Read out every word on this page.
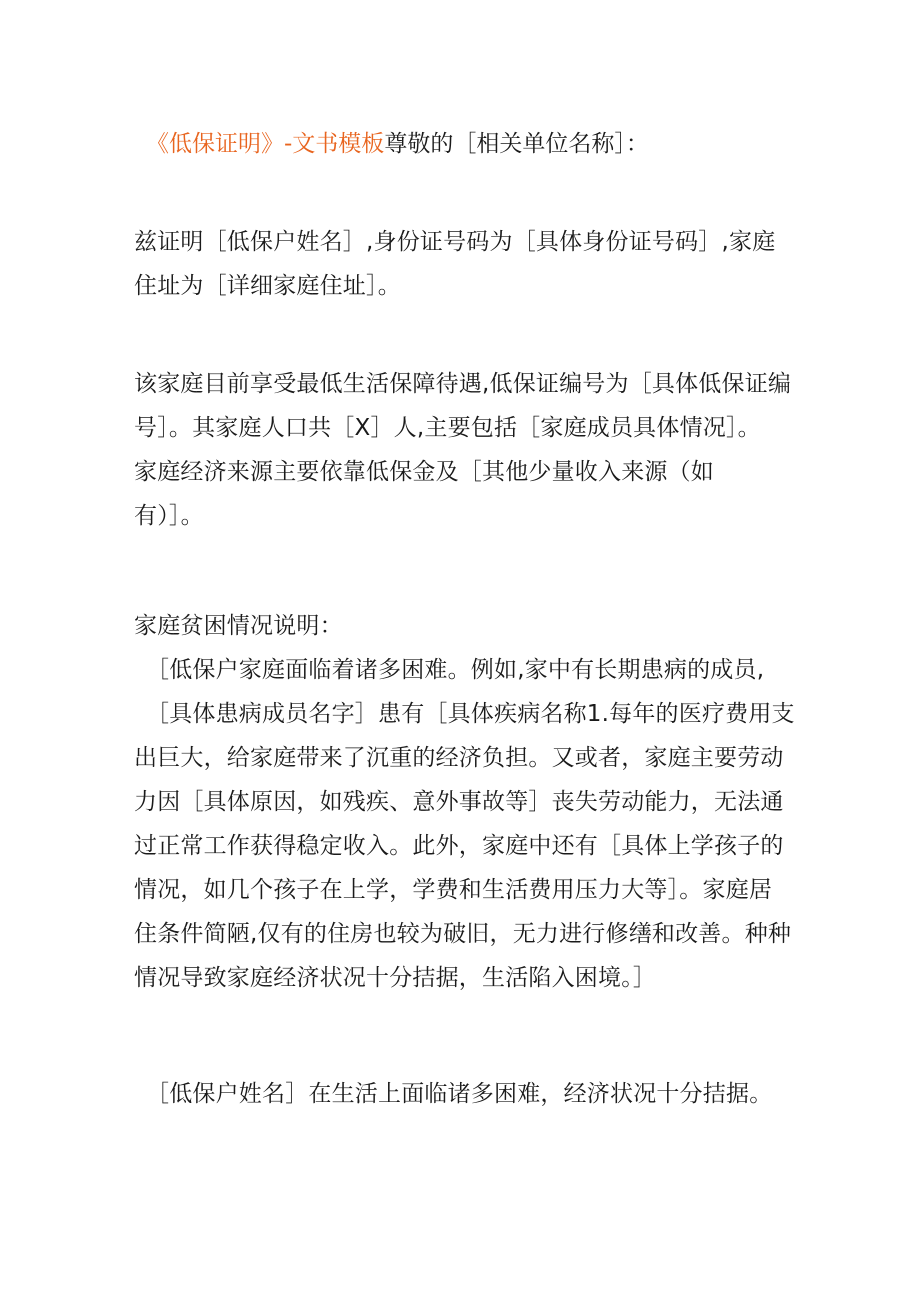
《低保证明》-文书模板尊敬的［相关单位名称］：
兹证明［低保户姓名］,身份证号码为［具体身份证号码］,家庭
住址为［详细家庭住址］。
该家庭目前享受最低生活保障待遇,低保证编号为［具体低保证编
号］。其家庭人口共［X］人,主要包括［家庭成员具体情况］。
家庭经济来源主要依靠低保金及［其他少量收入来源（如
有）］。
家庭贫困情况说明：
［低保户家庭面临着诸多困难。例如,家中有长期患病的成员,
［具体患病成员名字］患有［具体疾病名称1.每年的医疗费用支
出巨大，给家庭带来了沉重的经济负担。又或者，家庭主要劳动
力因［具体原因，如残疾、意外事故等］丧失劳动能力，无法通
过正常工作获得稳定收入。此外，家庭中还有［具体上学孩子的
情况，如几个孩子在上学，学费和生活费用压力大等］。家庭居
住条件简陋,仅有的住房也较为破旧，无力进行修缮和改善。种种
情况导致家庭经济状况十分拮据，生活陷入困境。］
［低保户姓名］在生活上面临诸多困难，经济状况十分拮据。
